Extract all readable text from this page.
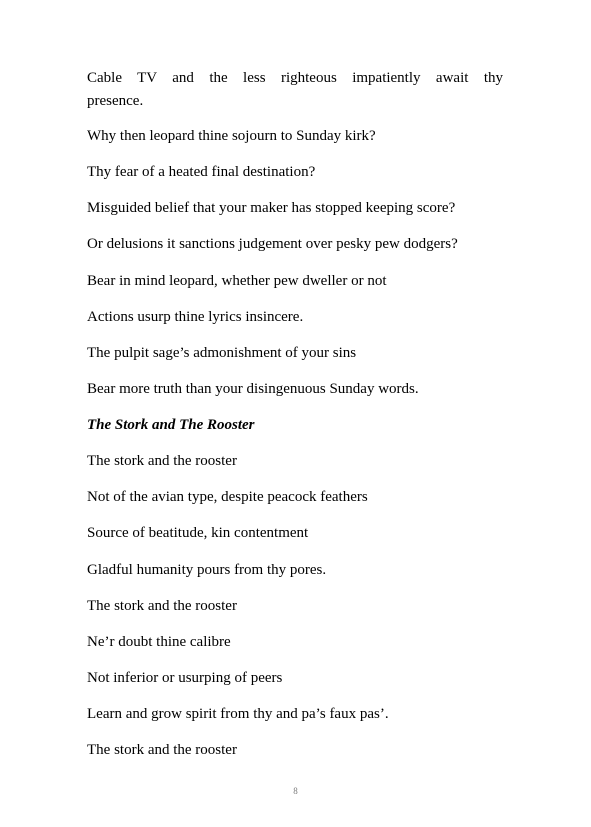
Cable TV and the less righteous impatiently await thy

presence.

Why then leopard thine sojourn to Sunday kirk?

Thy fear of a heated final destination?

Misguided belief that your maker has stopped keeping score?

Or delusions it sanctions judgement over pesky pew dodgers?

Bear in mind leopard, whether pew dweller or not

Actions usurp thine lyrics insincere.

The pulpit sage’s admonishment of your sins

Bear more truth than your disingenuous Sunday words.

The Stork and The Rooster

The stork and the rooster

Not of the avian type, despite peacock feathers

Source of beatitude, kin contentment

Gladful humanity pours from thy pores.

The stork and the rooster

Ne’r doubt thine calibre

Not inferior or usurping of peers

Learn and grow spirit from thy and pa’s faux pas’.

The stork and the rooster

8
